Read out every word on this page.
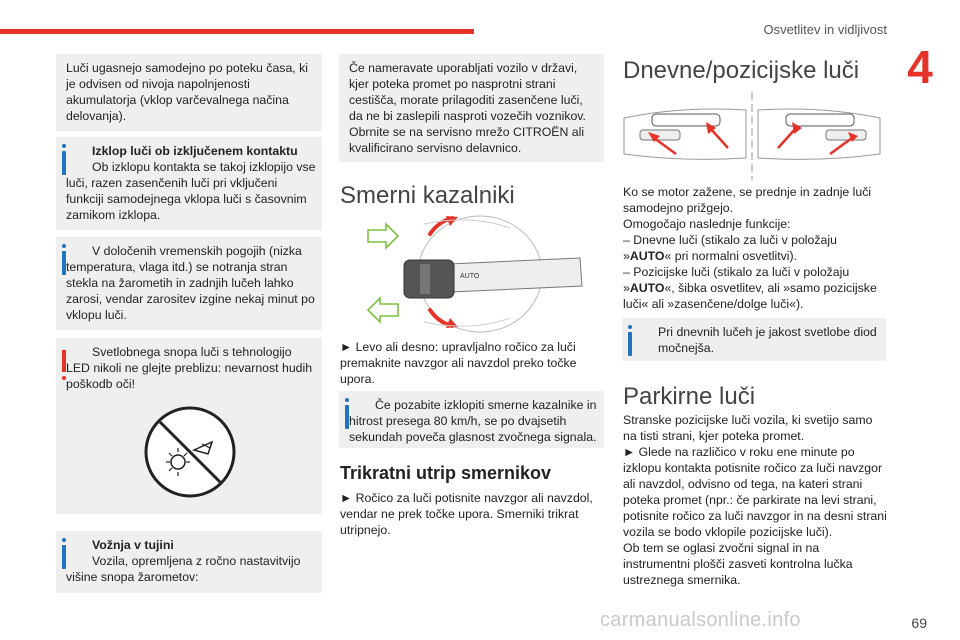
Osvetlitev in vidljivost
4

Luči ugasnejo samodejno po poteku časa, ki je odvisen od nivoja napolnjenosti akumulatorja (vklop varčevalnega načina delovanja).

Izklop luči ob izključenem kontaktu

Ob izklopu kontakta se takoj izklopijo vse luči, razen zasenčenih luči pri vključeni funkciji samodejnega vklopa luči s časovnim zamikom izklopa.

V določenih vremenskih pogojih (nizka temperatura, vlaga itd.) se notranja stran stekla na žarometih in zadnjih lučeh lahko zarosi, vendar zarositev izgine nekaj minut po vklopu luči.

Svetlobnega snopa luči s tehnologijo LED nikoli ne glejte preblizu: nevarnost hudih poškodb oči!

Vožnja v tujini

Vozila, opremljena z ročno nastavitvijo višine snopa žarometov:

Če nameravate uporabljati vozilo v državi, kjer poteka promet po nasprotni strani cestišča, morate prilagoditi zasenčene luči, da ne bi zaslepili nasproti vozečih voznikov. Obrnite se na servisno mrežo CITROËN ali kvalificirano servisno delavnico.

Smerni kazalniki
AUTO

► Levo ali desno: upravljalno ročico za luči premaknite navzgor ali navzdol preko točke upora.

Če pozabite izklopiti smerne kazalnike in hitrost presega 80 km/h, se po dvajsetih sekundah poveča glasnost zvočnega signala.

Trikratni utrip smernikov

► Ročico za luči potisnite navzgor ali navzdol, vendar ne prek točke upora. Smerniki trikrat utripnejo.

Dnevne/pozicijske luči

Ko se motor zažene, se prednje in zadnje luči samodejno prižgejo.

Omogočajo naslednje funkcije:

– Dnevne luči (stikalo za luči v položaju »AUTO« pri normalni osvetlitvi).

– Pozicijske luči (stikalo za luči v položaju »AUTO«, šibka osvetlitev, ali »samo pozicijske luči« ali »zasenčene/dolge luči«).

Pri dnevnih lučeh je jakost svetlobe diod močnejša.

Parkirne luči

Stranske pozicijske luči vozila, ki svetijo samo na tisti strani, kjer poteka promet.

► Glede na različico v roku ene minute po izklopu kontakta potisnite ročico za luči navzgor ali navzdol, odvisno od tega, na kateri strani poteka promet (npr.: če parkirate na levi strani, potisnite ročico za luči navzgor in na desni strani vozila se bodo vklopile pozicijske luči).

Ob tem se oglasi zvočni signal in na instrumentni plošči zasveti kontrolna lučka ustreznega smernika.

carmanualsonline.info	69
